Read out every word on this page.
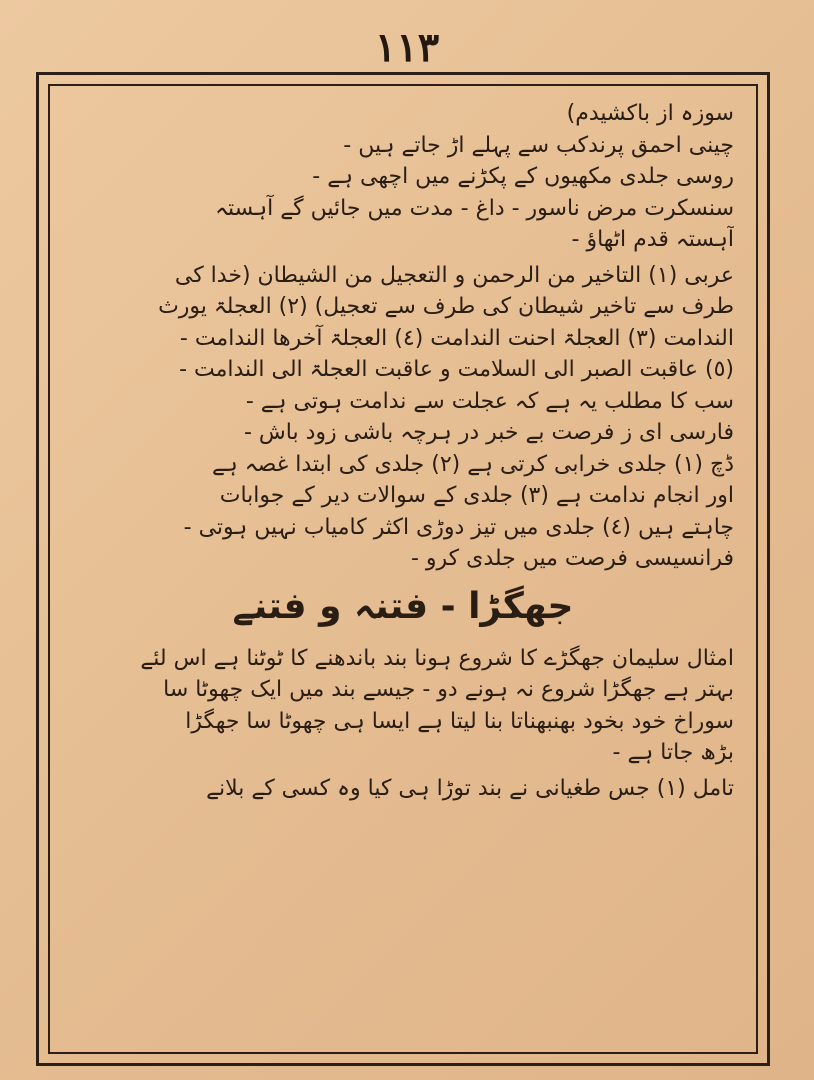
١١٣
سوزہ از باکشیدم)
چینی احمق پرندکب سے پہلے اڑ جاتے ہیں -
روسی جلدی مکھیوں کے پکڑنے میں اچھی ہے -
سنسکرت مرض ناسور - داغ - مدت میں جائیں گے آہستہ
آہستہ قدم اٹھاؤ -
عربی (١) التاخیر من الرحمن و التعجیل من الشیطان (خدا کی
طرف سے تاخیر شیطان کی طرف سے تعجیل) (٢) العجلۃ یورث
الندامت (٣) العجلۃ احنت الندامت (٤) العجلۃ آخرھا الندامت -
(٥) عاقبت الصبر الی السلامت و عاقبت العجلۃ الی الندامت -
سب کا مطلب یہ ہے کہ عجلت سے ندامت ہوتی ہے -
فارسی ای ز فرصت بے خبر در ہرچہ باشی زود باش -
ڈچ (١) جلدی خرابی کرتی ہے (٢) جلدی کی ابتدا غصہ ہے
اور انجام ندامت ہے (٣) جلدی کے سوالات دیر کے جوابات
چاہتے ہیں (٤) جلدی میں تیز دوڑی اکثر کامیاب نہیں ہوتی -
فرانسیسی فرصت میں جلدی کرو -
جھگڑا - فتنہ و فتنے
امثال سلیمان جھگڑے کا شروع ہونا بند باندھنے کا ٹوٹنا ہے اس لئے
بہتر ہے جھگڑا شروع نہ ہونے دو - جیسے بند میں ایک چھوٹا سا
سوراخ خود بخود بھنبھناتا بنا لیتا ہے ایسا ہی چھوٹا سا جھگڑا
بڑھ جاتا ہے -
تامل (١) جس طغیانی نے بند توڑا ہی کیا وہ کسی کے بلانے
